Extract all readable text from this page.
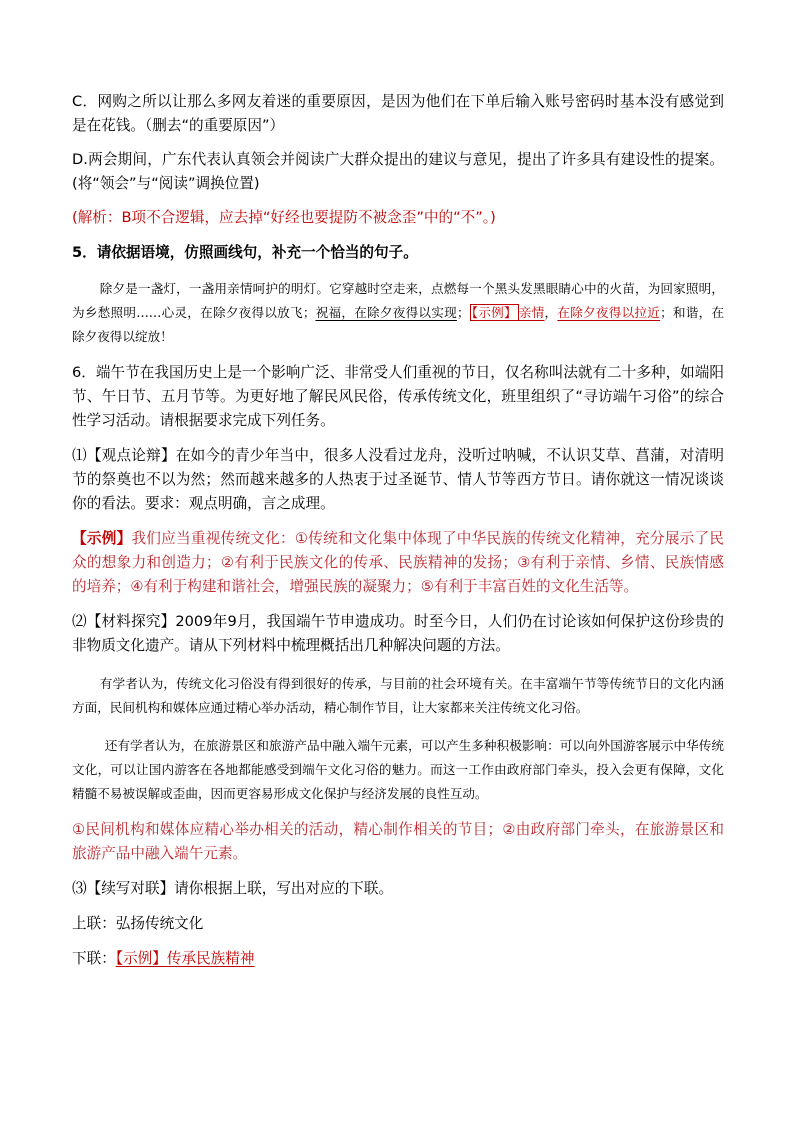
C．网购之所以让那么多网友着迷的重要原因，是因为他们在下单后输入账号密码时基本没有感觉到是在花钱。（删去“的重要原因”）

D.两会期间，广东代表认真领会并阅读广大群众提出的建议与意见，提出了许多具有建设性的提案。(将“领会”与“阅读”调换位置)

(解析：B项不合逻辑，应去掉“好经也要提防不被念歪”中的“不”。)

5．请依据语境，仿照画线句，补充一个恰当的句子。

除夕是一盏灯，一盏用亲情呵护的明灯。它穿越时空走来，点燃每一个黑头发黑眼睛心中的火苗，为回家照明，为乡愁照明……心灵，在除夕夜得以放飞；祝福，在除夕夜得以实现； 【示例】 亲情，在除夕夜得以拉近；和谐，在除夕夜得以绽放！

6．端午节在我国历史上是一个影响广泛、非常受人们重视的节日，仅名称叫法就有二十多种，如端阳节、午日节、五月节等。为更好地了解民风民俗，传承传统文化，班里组织了“寻访端午习俗”的综合性学习活动。请根据要求完成下列任务。

⑴【观点论辩】在如今的青少年当中，很多人没看过龙舟，没听过呐喊，不认识艾草、菖蒲，对清明节的祭奠也不以为然；然而越来越多的人热衷于过圣诞节、情人节等西方节日。请你就这一情况谈谈你的看法。要求：观点明确，言之成理。

【示例】我们应当重视传统文化：①传统和文化集中体现了中华民族的传统文化精神，充分展示了民众的想象力和创造力；②有利于民族文化的传承、民族精神的发扬；③有利于亲情、乡情、民族情感的培养；④有利于构建和谐社会，增强民族的凝聚力；⑤有利于丰富百姓的文化生活等。

⑵【材料探究】2009年9月，我国端午节申遗成功。时至今日，人们仍在讨论该如何保护这份珍贵的非物质文化遗产。请从下列材料中梳理概括出几种解决问题的方法。

有学者认为，传统文化习俗没有得到很好的传承，与目前的社会环境有关。在丰富端午节等传统节日的文化内涵方面，民间机构和媒体应通过精心举办活动，精心制作节目，让大家都来关注传统文化习俗。

还有学者认为，在旅游景区和旅游产品中融入端午元素，可以产生多种积极影响：可以向外国游客展示中华传统文化，可以让国内游客在各地都能感受到端午文化习俗的魅力。而这一工作由政府部门牵头，投入会更有保障，文化精髓不易被误解或歪曲，因而更容易形成文化保护与经济发展的良性互动。

①民间机构和媒体应精心举办相关的活动，精心制作相关的节目；②由政府部门牵头，在旅游景区和旅游产品中融入端午元素。

⑶【续写对联】请你根据上联，写出对应的下联。

上联：弘扬传统文化

下联：【示例】传承民族精神
